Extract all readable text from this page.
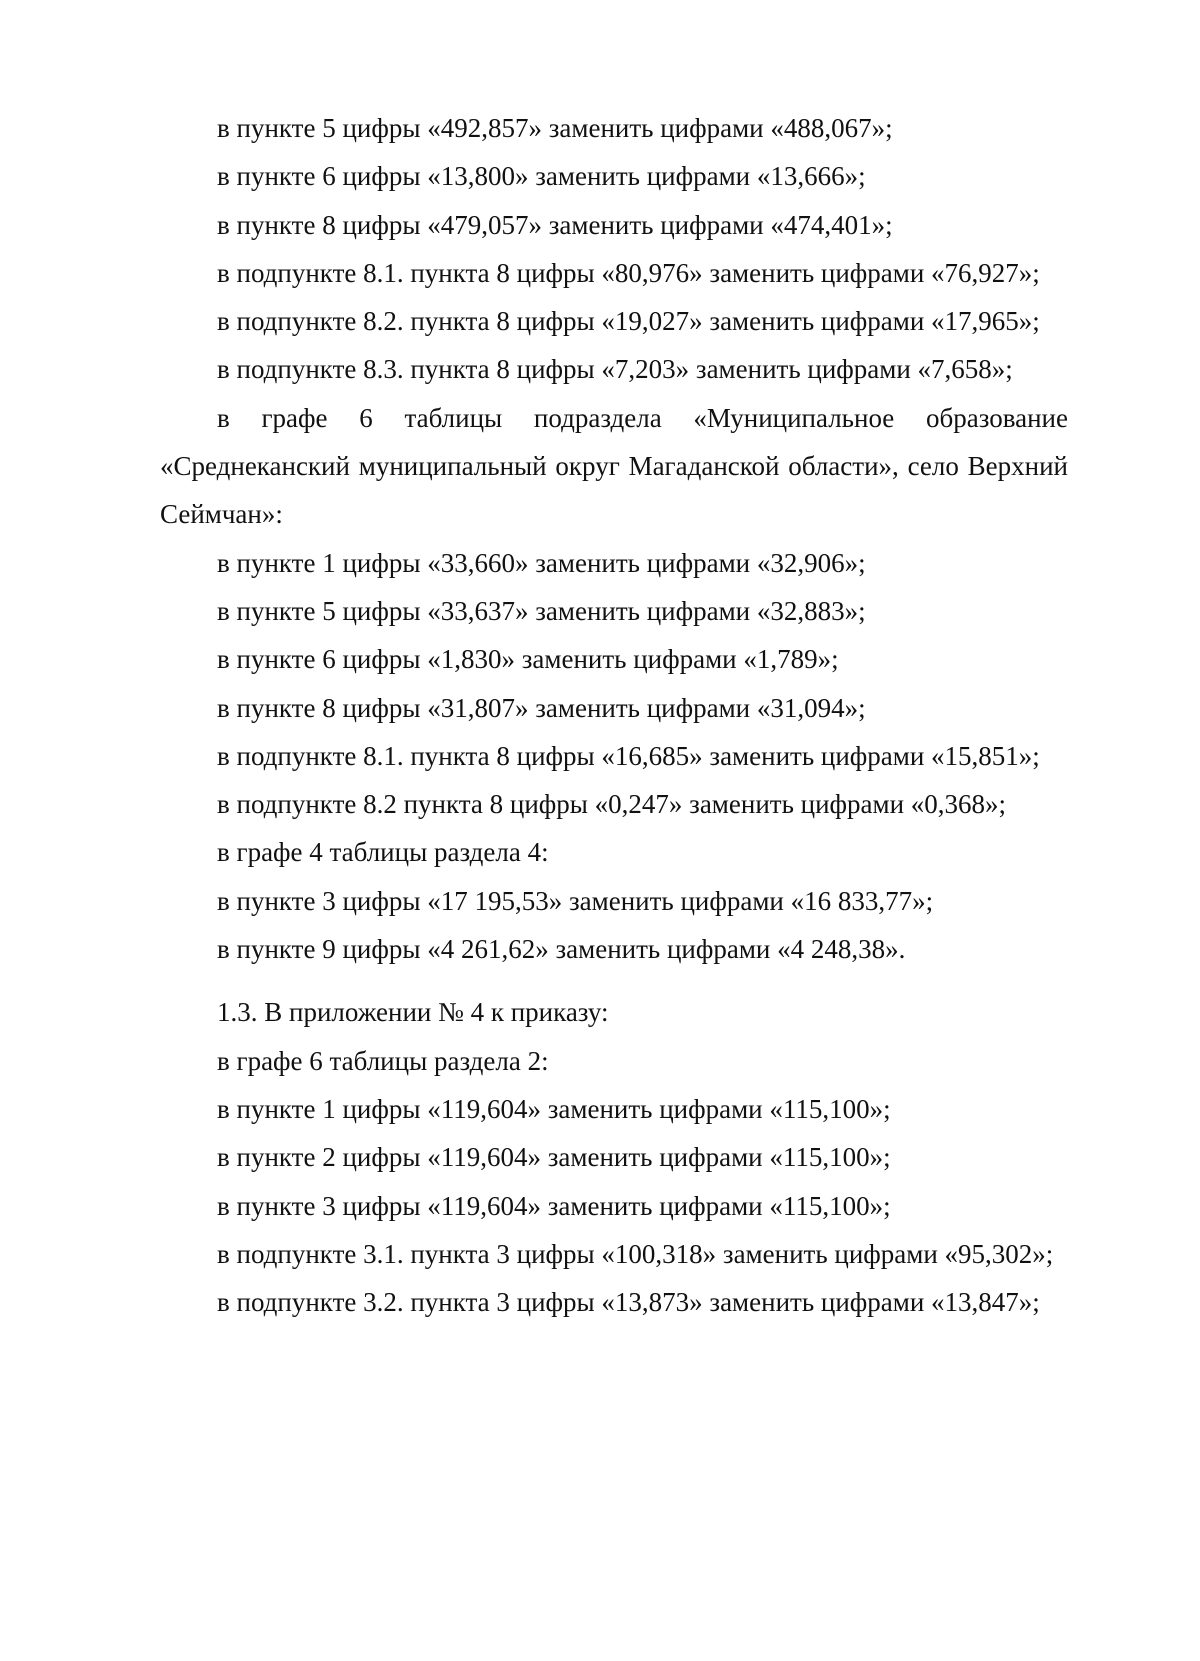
в пункте 5 цифры «492,857» заменить цифрами «488,067»;

в пункте 6 цифры «13,800» заменить цифрами «13,666»;

в пункте 8 цифры «479,057» заменить цифрами «474,401»;

в подпункте 8.1. пункта 8 цифры «80,976» заменить цифрами «76,927»;

в подпункте 8.2. пункта 8 цифры «19,027» заменить цифрами «17,965»;

в подпункте 8.3. пункта 8 цифры «7,203» заменить цифрами «7,658»;

в графе 6 таблицы подраздела «Муниципальное образование «Среднеканский муниципальный округ Магаданской области», село Верхний Сеймчан»:

в пункте 1 цифры «33,660» заменить цифрами «32,906»;

в пункте 5 цифры «33,637» заменить цифрами «32,883»;

в пункте 6 цифры «1,830» заменить цифрами «1,789»;

в пункте 8 цифры «31,807» заменить цифрами «31,094»;

в подпункте 8.1. пункта 8 цифры «16,685» заменить цифрами «15,851»;

в подпункте 8.2 пункта 8 цифры «0,247» заменить цифрами «0,368»;

в графе 4 таблицы раздела 4:

в пункте 3 цифры «17 195,53» заменить цифрами «16 833,77»;

в пункте 9 цифры «4 261,62» заменить цифрами «4 248,38».

1.3. В приложении № 4 к приказу:

в графе 6 таблицы раздела 2:

в пункте 1 цифры «119,604» заменить цифрами «115,100»;

в пункте 2 цифры «119,604» заменить цифрами «115,100»;

в пункте 3 цифры «119,604» заменить цифрами «115,100»;

в подпункте 3.1. пункта 3 цифры «100,318» заменить цифрами «95,302»;

в подпункте 3.2. пункта 3 цифры «13,873» заменить цифрами «13,847»;
